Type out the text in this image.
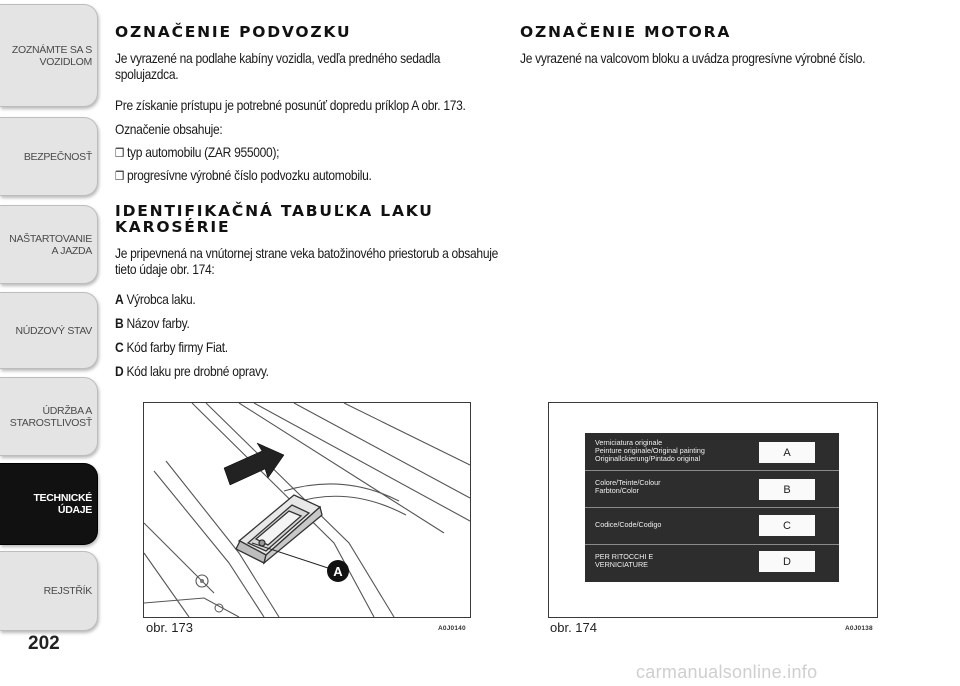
ZOZNÁMTE SA S VOZIDLOM
BEZPEČNOSŤ
NAŠTARTOVANIE A JAZDA
NÚDZOVÝ STAV
ÚDRŽBA A STAROSTLIVOSŤ
TECHNICKÉ ÚDAJE
REJSTŘÍK
202
OZNAČENIE PODVOZKU
Je vyrazené na podlahe kabíny vozidla, vedľa predného sedadla spolujazdca.
Pre získanie prístupu je potrebné posunúť dopredu príklop A obr. 173.
Označenie obsahuje:
❒ typ automobilu (ZAR 955000);
❒ progresívne výrobné číslo podvozku automobilu.
IDENTIFIKAČNÁ TABUĽKA LAKU
KAROSÉRIE
Je pripevnená na vnútornej strane veka batožinového priestorub a obsahuje tieto údaje obr. 174:
A Výrobca laku.
B Názov farby.
C Kód farby firmy Fiat.
D Kód laku pre drobné opravy.
OZNAČENIE MOTORA
Je vyrazené na valcovom bloku a uvádza progresívne výrobné číslo.
A
obr. 173	A0J0140
Verniciatura originale
Peinture originale/Original painting
Originallckierung/Pintado original	A
Colore/Teinte/Colour
Farbton/Color	B
Codice/Code/Codigo	C
PER RITOCCHI E
VERNICIATURE	D
obr. 174	A0J0138
carmanualsonline.info
